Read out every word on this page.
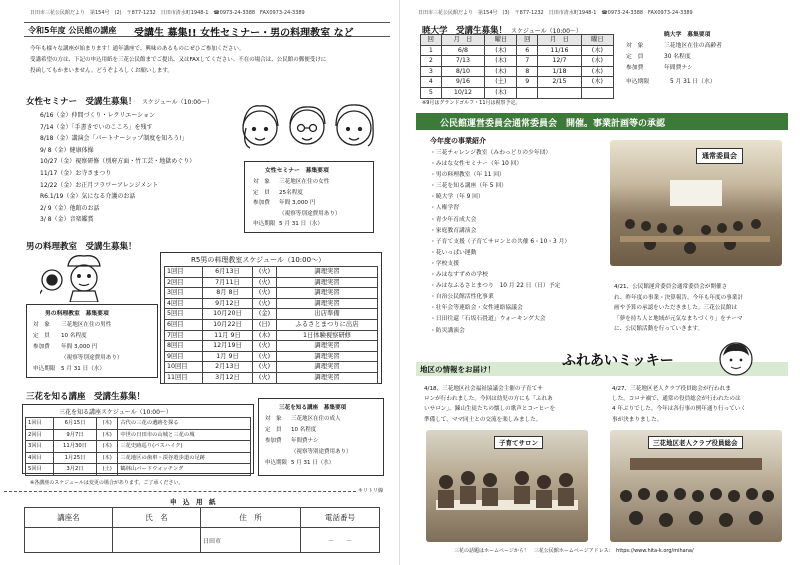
日田市三花公民館だより　第154号　(2)　〒877-1232　日田市清水町1948-1　☎0973-24-3388　FAX0973-24-3389
令和5年度 公民館の講座 受講生 募集!! 女性セミナー・男の料理教室 など
今年も様々な講座が始まります！通年講座で、興味のあるものにぜひご参加ください。
受講希望の方は、下記の申込用紙を三花公民館までご提出、又はFAXしてください。不在の場合は、公民館の郵便受けに
投函してもかまいません。どうぞよろしくお願いします。
女性セミナー　受講生募集！ スケジュール（10:00～）
6/16（金）仲間づくり・レクリエーション
7/14（金）「手書きでいのこころ」を残す
8/18（金）講演会「パートナーシップ制度を知ろう!」
9/ 8（金）健康体操
10/27（金）視察研修（別府方面・竹工芸・地獄めぐり）
11/17（金）お寺さまつり
12/22（金）お正月フラワーアレンジメント
R6.1/19（金）気になる介護のお話
2/ 9（金）他館のお話
3/ 8（金）音楽鑑賞
女性セミナー　募集要項
対　象 三花地区在住の女性
定　員 25名程度
参加費 年間 3,000 円
（視察等別途費用あり）
申込期限 5 月 31 日（水）
男の料理教室　受講生募集！
男の料理教室　募集要項
対　象 三花地区在住の男性
定　員 10 名程度
参加費 年間 3,000 円
（視察等別途費用あり）
申込期限 5 月 31 日（水）
R5男の料理教室スケジュール（10:00～）
1回目	6月13日	(火)	調理実習
2回目	7月11日	(火)	調理実習
3回目	8月 8日	(火)	調理実習
4回目	9月12日	(火)	調理実習
5回目	10月20日	(金)	出店準備
6回目	10月22日	(日)	ふるさとまつりに出店
7回目	11月 9日	(木)	1日体験視察研修
8回目	12月19日	(火)	調理実習
9回目	1月 9日	(火)	調理実習
10回目	2月13日	(火)	調理実習
11回目	3月12日	(火)	調理実習
三花を知る講座　受講生募集！
三花を知る講座スケジュール（10:00～）
1回目	6月15日	(木)	古代の三花の遺跡を探る
2回目	9月7日	(木)	中世の日田市の山城と三花の城
3回目	11月30日	(木)	三花史跡巡り(バスハイク)
4回目	1月25日	(木)	三花地区の歯車・渓谷遊歩道の足跡
5回目	3月2日	(土)	鶴林山バードウォッチング
三花を知る講座　募集要項
対　象 三花地区在住の成人
定　員 10 名程度
参加費 年間費ナシ
（視察等別途費用あり）
申込期限 5 月 31 日（水）
※各講座のスケジュールは変更の場合があります。ご了承ください。
キリトリ線
申　込　用　紙
講座名	氏　名	住　所	電話番号
		日田市	－　　－
日田市三花公民館だより　第154号　(3)　〒877-1232　日田市清水町1948-1　☎0973-24-3388　FAX0973-24-3389
暁大学　受講生募集！ スケジュール（10:00～）
回	月　日	曜日	回	月　日	曜日
1	6/8	(木)	6	11/16	(木)
2	7/13	(木)	7	12/7	(木)
3	8/10	(木)	8	1/18	(木)
4	9/16	(土)	9	2/15	(木)
5	10/12	(木)			
※9月はグランドゴルフ・11月は視察予定。
暁大学　募集要項
対　象	三花地区在住の高齢者
定　員	30 名程度
参加費	年間費ナシ
申込期限	5 月 31 日（水）
公民館運営委員会通常委員会　開催。事業計画等の承認
今年度の事業紹介
・三花チャレンジ教室（みわっどりの少年団）
・みはな女性セミナー（年 10 回）
・男の料理教室（年 11 回）
・三花を知る講座（年 5 回）
・暁大学（年 9 回）
・人権学習
・青少年育成大会
・家庭教育講演会
・子育て支援（子育てサロンとの共催 6・10・3 月）
・花いっぱい運動
・学校支援
・みはなすずめの学校
・みはなふるさとまつり　10 月 22 日（日）予定
・自治公民館活性化事業
・壮年会等連絡会・女性連絡協議会
・日田往還「石坂石畳道」ウォーキング大会
・防災講演会
通常委員会
4/21、公民館運営委員会通常委員会が開催さ
れ、昨年度の事業・決算報告、今年も年度の事業計
画や予算の承認をいただきました。三花公民館は
「夢を持ち人と地域が元気なまちづくり」をテーマ
に、公民館活動を行っていきます。
地区の情報をお届け！
ふれあいミッキー
4/18、三花地区社会福祉協議会主催の子育てサ
ロンが行われました。今回は幼児の方にも「ふれあ
いサロン」、錬山生徒たちの懐しの歌声とコーヒーを
準備して、ママ同士との交流を楽しみました。
子育てサロン
4/27、三花地区老人クラブ役員総会が行われま
した。コロナ禍で、通常の役員総会が行われたのは
4 年ぶりでした。今年は各行事の例年通り行っていく
事が決まりました。
三花地区老人クラブ役員総会
三花の話題はホームページから！　三花公民館ホームページアドレス：　https://www.hita-k.org/mihana/
